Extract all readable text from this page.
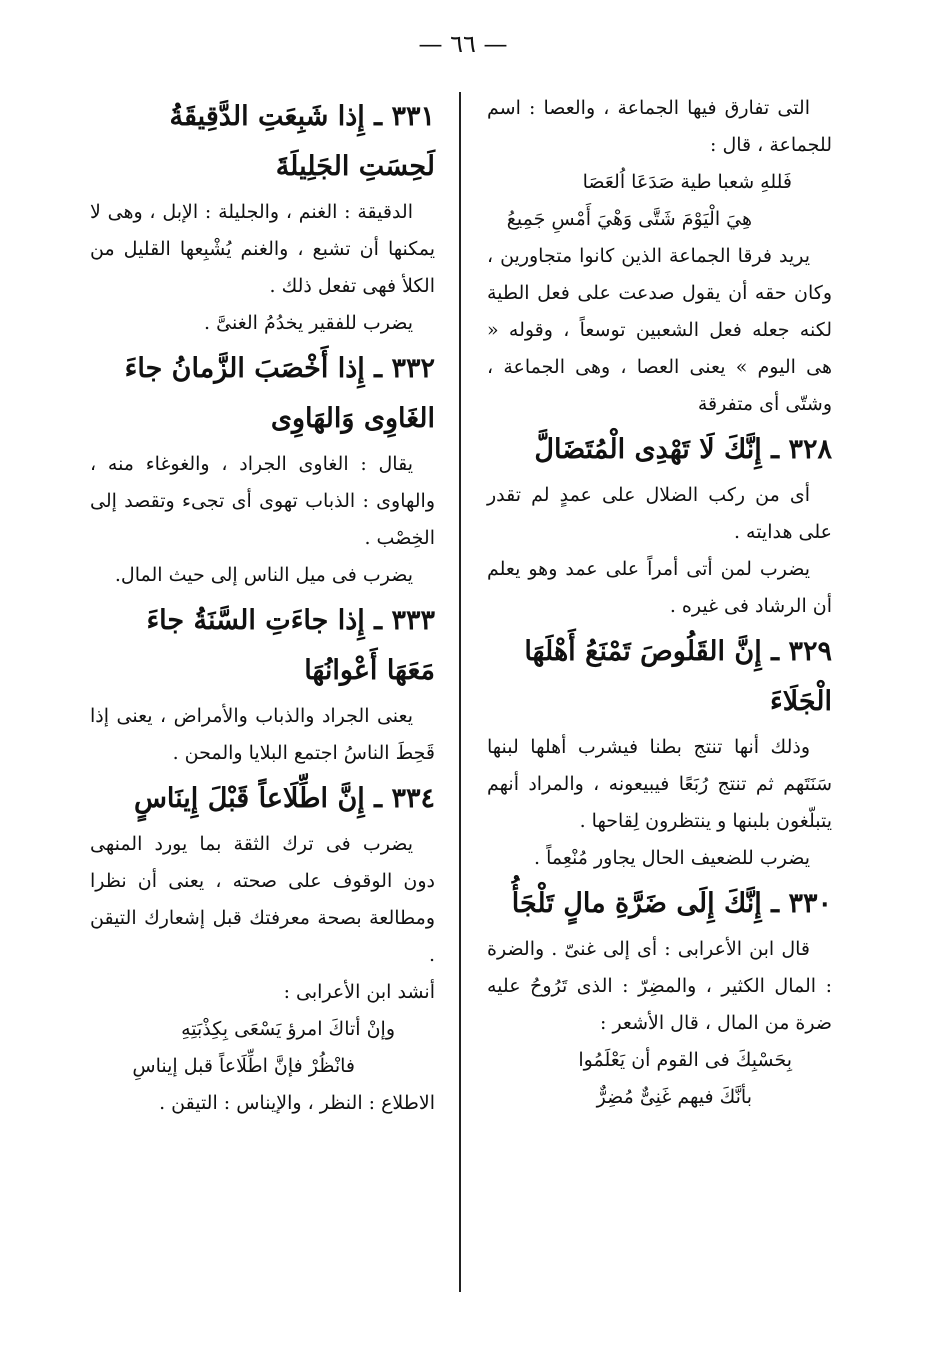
— ٦٦ —

التى تفارق فيها الجماعة ، والعصا : اسم للجماعة ، قال :

فَللهِ شعبا طية صَدَعَا اُلعَصَا

هِيَ الْيَوْمَ شَتَّى وَهْيَ أَمْسِ جَمِيعُ

يريد فرقا الجماعة الذين كانوا متجاورين ، وكان حقه أن يقول صدعت على فعل الطية لكنه جعله فعل الشعبين توسعاً ، وقوله « هى اليوم » يعنى العصا ، وهى الجماعة ، وشتّى أى متفرقة

٣٢٨ ـ إِنَّكَ لَا تَهْدِى الْمُتَضَالَّ

أى من ركب الضلال على عمدٍ لم تقدر على هدايته .

يضرب لمن أتى أمراً على عمد وهو يعلم أن الرشاد فى غيره .

٣٢٩ ـ إِنَّ القَلُوصَ تَمْنَعُ أَهْلَهَا الْجَلَاءَ

وذلك أنها تنتج بطنا فيشرب أهلها لبنها سَنَتَهم ثم تنتج رُبَعًا فيبيعونه ، والمراد أنهم يتبلّغون بلبنها و ينتظرون لِقاحها .

يضرب للضعيف الحال يجاور مُنْعِماً .

٣٣٠ ـ إِنَّكَ إِلَى ضَرَّةِ مالٍ تَلْجَأُ

قال ابن الأعرابى : أى إلى غنىّ . والضرة : المال الكثير ، والمضِرّ : الذى تَرُوحُ عليه ضرة من المال ، قال الأشعر :

بِحَسْبِكَ فى القوم أن يَعْلَمُوا

بأنَّكَ فيهم غَنِىٌّ مُضِرٌّ

٣٣١ ـ إِذا شَبِعَتِ الدَّقِيقَةُ لَحِسَتِ الجَلِيلَةَ

الدقيقة : الغنم ، والجليلة : الإبل ، وهى لا يمكنها أن تشبع ، والغنم يُشْبِعها القليل من الكلأ فهى تفعل ذلك .

يضرب للفقير يخدُمُ الغنىَّ .

٣٣٢ ـ إِذا أَخْصَبَ الزَّمانُ جاءَ الغَاوِى وَالهَاوِى

يقال : الغاوى الجراد ، والغوغاء منه ، والهاوى : الذباب تهوى أى تجىء وتقصد إلى الخِصْب .

يضرب فى ميل الناس إلى حيث المال.

٣٣٣ ـ إِذا جاءَتِ السَّنَةُ جاءَ مَعَهَا أَعْوانُهَا

يعنى الجراد والذباب والأمراض ، يعنى إذا قَحِطَ الناسُ اجتمع البلايا والمحن .

٣٣٤ ـ إِنَّ اطِّلَاعاً قَبْلَ إِينَاسٍ

يضرب فى ترك الثقة بما يورد المنهى دون الوقوف على صحته ، يعنى أن نظرا ومطالعة بصحة معرفتك قبل إشعارك التيقن .

أنشد ابن الأعرابى :

وإنْ أتاكَ امرؤ يَسْعَى بِكِذْبَتِهِ

فانْظُرْ فإنَّ اطِّلَاعاً قبل إيناسِ

الاطلاع : النظر ، والإيناس : التيقن .
